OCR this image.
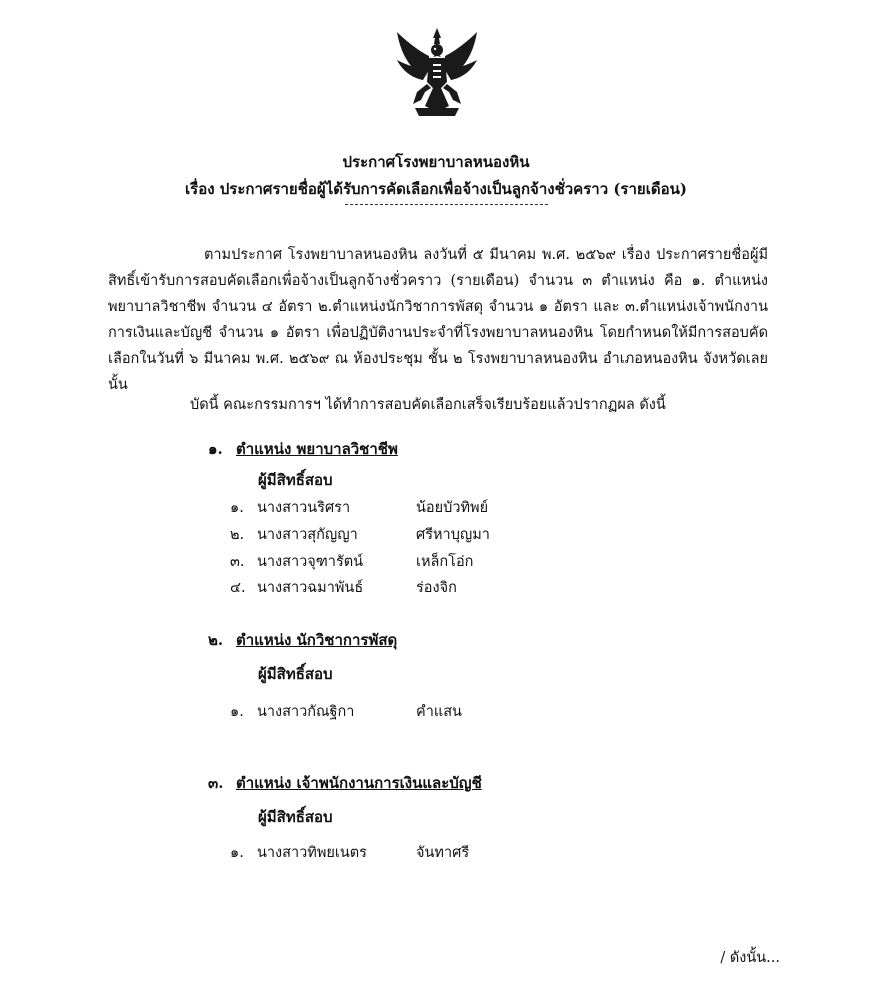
ประกาศโรงพยาบาลหนองหิน
เรื่อง ประกาศรายชื่อผู้ได้รับการคัดเลือกเพื่อจ้างเป็นลูกจ้างชั่วคราว (รายเดือน)

ตามประกาศ โรงพยาบาลหนองหิน ลงวันที่ ๕ มีนาคม พ.ศ. ๒๕๖๙ เรื่อง ประกาศรายชื่อผู้มีสิทธิ์เข้ารับการสอบคัดเลือกเพื่อจ้างเป็นลูกจ้างชั่วคราว (รายเดือน) จำนวน ๓ ตำแหน่ง คือ ๑. ตำแหน่งพยาบาลวิชาชีพ จำนวน ๔ อัตรา ๒.ตำแหน่งนักวิชาการพัสดุ จำนวน ๑ อัตรา และ ๓.ตำแหน่งเจ้าพนักงานการเงินและบัญชี จำนวน ๑ อัตรา เพื่อปฏิบัติงานประจำที่โรงพยาบาลหนองหิน โดยกำหนดให้มีการสอบคัดเลือกในวันที่ ๖ มีนาคม พ.ศ. ๒๕๖๙ ณ ห้องประชุม ชั้น ๒ โรงพยาบาลหนองหิน อำเภอหนองหิน จังหวัดเลย นั้น

บัดนี้ คณะกรรมการฯ ได้ทำการสอบคัดเลือกเสร็จเรียบร้อยแล้วปรากฏผล ดังนี้

๑. ตำแหน่ง พยาบาลวิชาชีพ
ผู้มีสิทธิ์สอบ
๑. นางสาวนริศรา	น้อยบัวทิพย์
๒. นางสาวสุกัญญา	ศรีหาบุญมา
๓. นางสาวจุฑารัตน์	เหล็กโอ่ก
๔. นางสาวฉมาพันธ์	ร่องจิก
๒. ตำแหน่ง นักวิชาการพัสดุ
ผู้มีสิทธิ์สอบ
๑. นางสาวกัณฐิกา	คำแสน
๓. ตำแหน่ง เจ้าพนักงานการเงินและบัญชี
ผู้มีสิทธิ์สอบ
๑. นางสาวทิพยเนตร	จันทาศรี
/ ดังนั้น...
